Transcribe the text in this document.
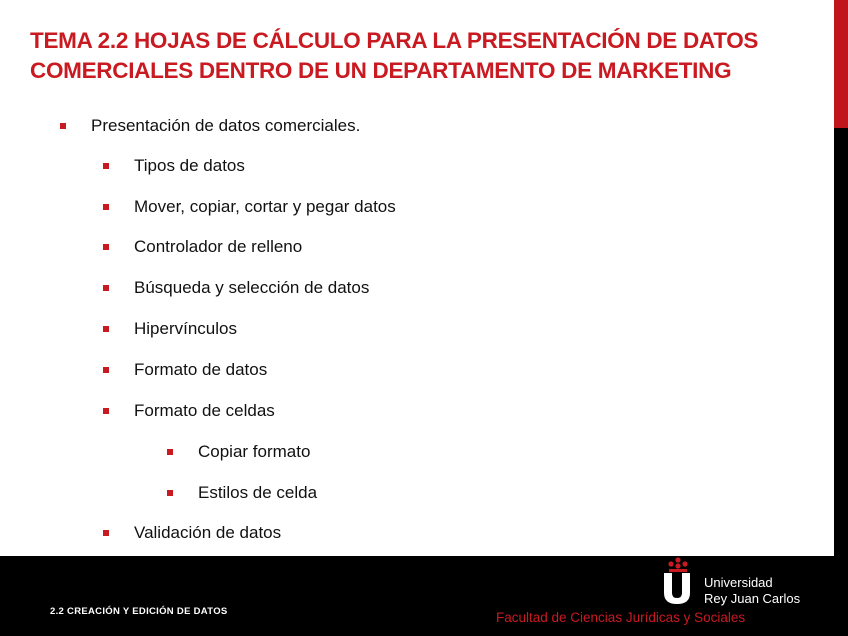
TEMA 2.2 HOJAS DE CÁLCULO PARA LA PRESENTACIÓN DE DATOS
COMERCIALES DENTRO DE UN DEPARTAMENTO DE MARKETING
Presentación de datos comerciales.
Tipos de datos
Mover, copiar, cortar y pegar datos
Controlador de relleno
Búsqueda y selección de datos
Hipervínculos
Formato de datos
Formato de celdas
Copiar formato
Estilos de celda
Validación de datos
2.2 CREACIÓN Y EDICIÓN DE DATOS
Universidad
Rey Juan Carlos
Facultad de Ciencias Jurídicas y Sociales
